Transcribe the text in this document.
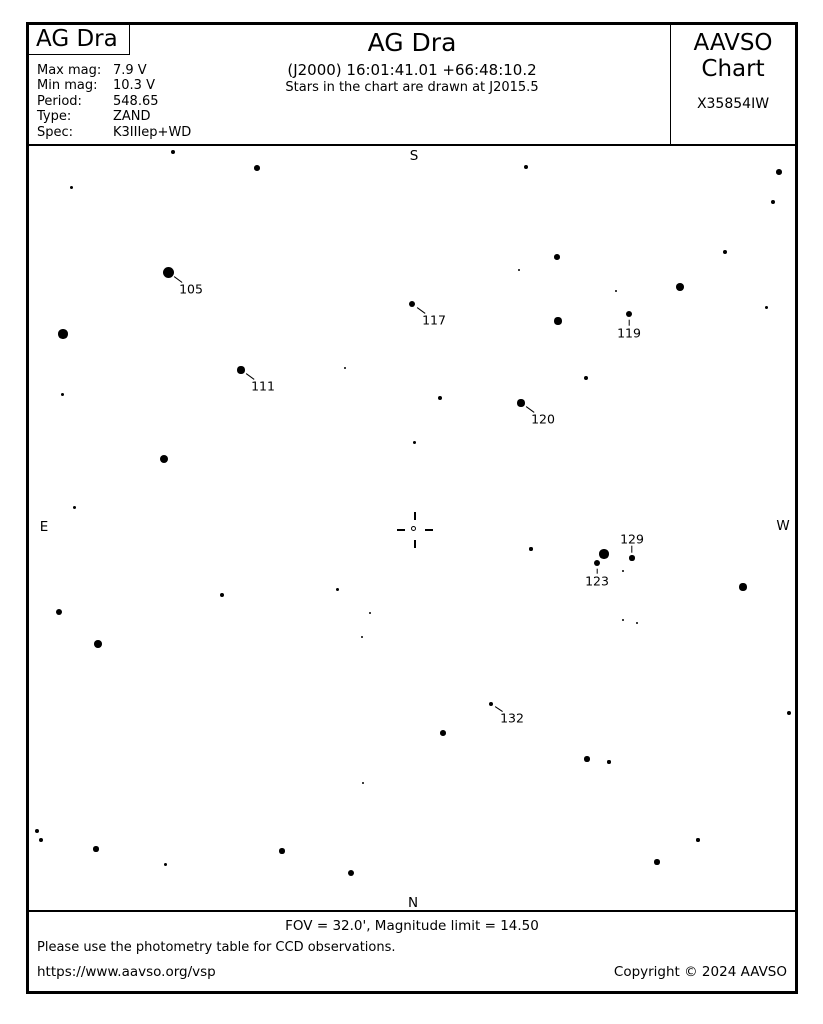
AG Dra
Max mag: 7.9 V
Min mag: 10.3 V
Period: 548.65
Type:	ZAND
Spec:	K3IIIep+WD
AG Dra
(J2000) 16:01:41.01 +66:48:10.2
Stars in the chart are drawn at J2015.5
AAVSO
Chart
X35854IW
S
N
E	W
105
117
119
111
120
123
129
132
FOV = 32.0', Magnitude limit = 14.50
Please use the photometry table for CCD observations.
https://www.aavso.org/vsp	Copyright © 2024 AAVSO
